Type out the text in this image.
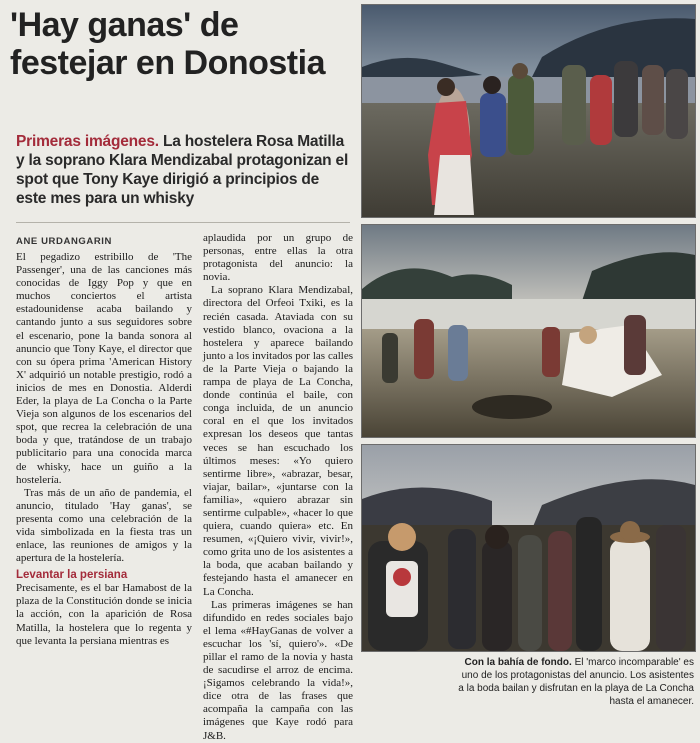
'Hay ganas' de
festejar en Donostia
Primeras imágenes. La hostelera Rosa Matilla y la soprano Klara Mendizabal protagonizan el spot que Tony Kaye dirigió a principios de este mes para un whisky
ANE URDANGARIN

El pegadizo estribillo de 'The Passenger', una de las canciones más conocidas de Iggy Pop y que en muchos conciertos el artista estadounidense acaba bailando y cantando junto a sus seguidores sobre el escenario, pone la banda sonora al anuncio que Tony Kaye, el director que con su ópera prima 'American History X' adquirió un notable prestigio, rodó a inicios de mes en Donostia. Alderdi Eder, la playa de La Concha o la Parte Vieja son algunos de los escenarios del spot, que recrea la celebración de una boda y que, tratándose de un trabajo publicitario para una conocida marca de whisky, hace un guiño a la hostelería.

Tras más de un año de pandemia, el anuncio, titulado 'Hay ganas', se presenta como una celebración de la vida simbolizada en la fiesta tras un enlace, las reuniones de amigos y la apertura de la hostelería.

Levantar la persiana

Precisamente, es el bar Hamabost de la plaza de la Constitución donde se inicia la acción, con la aparición de Rosa Matilla, la hostelera que lo regenta y que levanta la persiana mientras es

aplaudida por un grupo de personas, entre ellas la otra protagonista del anuncio: la novia.

La soprano Klara Mendizabal, directora del Orfeoi Txiki, es la recién casada. Ataviada con su vestido blanco, ovaciona a la hostelera y aparece bailando junto a los invitados por las calles de la Parte Vieja o bajando la rampa de playa de La Concha, donde continúa el baile, con conga incluida, de un anuncio coral en el que los invitados expresan los deseos que tantas veces se han escuchado los últimos meses: «Yo quiero sentirme libre», «abrazar, besar, viajar, bailar», «juntarse con la familia», «quiero abrazar sin sentirme culpable», «hacer lo que quiera, cuando quiera» etc. En resumen, «¡Quiero vivir, vivir!», como grita uno de los asistentes a la boda, que acaban bailando y festejando hasta el amanecer en La Concha.

Las primeras imágenes se han difundido en redes sociales bajo el lema «#HayGanas de volver a escuchar los 'sí, quiero'». «De pillar el ramo de la novia y hasta de sacudirse el arroz de encima. ¡Sigamos celebrando la vida!», dice otra de las frases que acompaña la campaña con las imágenes que Kaye rodó para J&B.

Con la bahía de fondo. El 'marco incomparable' es uno de los protagonistas del anuncio. Los asistentes a la boda bailan y disfrutan en la playa de La Concha hasta el amanecer.
